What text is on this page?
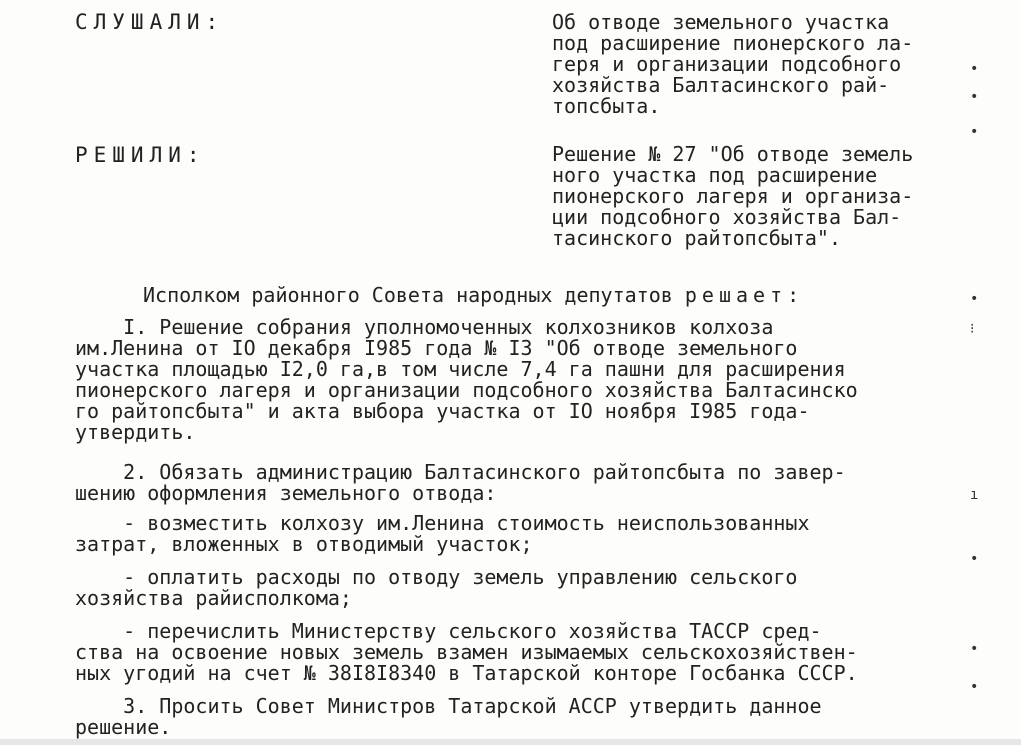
СЛУШАЛИ:	Об отводе земельного участка
под расширение пионерского ла-
геря и организации подсобного
хозяйства Балтасинского рай-
топсбыта.
РЕШИЛИ:	Решение № 27 "Об отводе земель
ного участка под расширение
пионерского лагеря и организа-
ции подсобного хозяйства Бал-
тасинского райтопсбыта".
Исполком районного Совета народных депутатов решает:
I. Решение собрания уполномоченных колхозников колхоза
им.Ленина от IO декабря I985 года № I3 "Об отводе земельного
участка площадью I2,0 га,в том числе 7,4 га пашни для расширения
пионерского лагеря и организации подсобного хозяйства Балтасинско
го райтопсбыта" и акта выбора участка от IO ноября I985 года-
утвердить.
2. Обязать администрацию Балтасинского райтопсбыта по завер-
шению оформления земельного отвода:
- возместить колхозу им.Ленина стоимость неиспользованных
затрат, вложенных в отводимый участок;
- оплатить расходы по отводу земель управлению сельского
хозяйства райисполкома;
- перечислить Министерству сельского хозяйства ТАССР сред-
ства на освоение новых земель взамен изымаемых сельскохозяйствен-
ных угодий на счет № 38I8I8340 в Татарской конторе Госбанка СССР.
3. Просить Совет Министров Татарской АССР утвердить данное
решение.
•
•
•
•
⁝
ı
•
•
•
